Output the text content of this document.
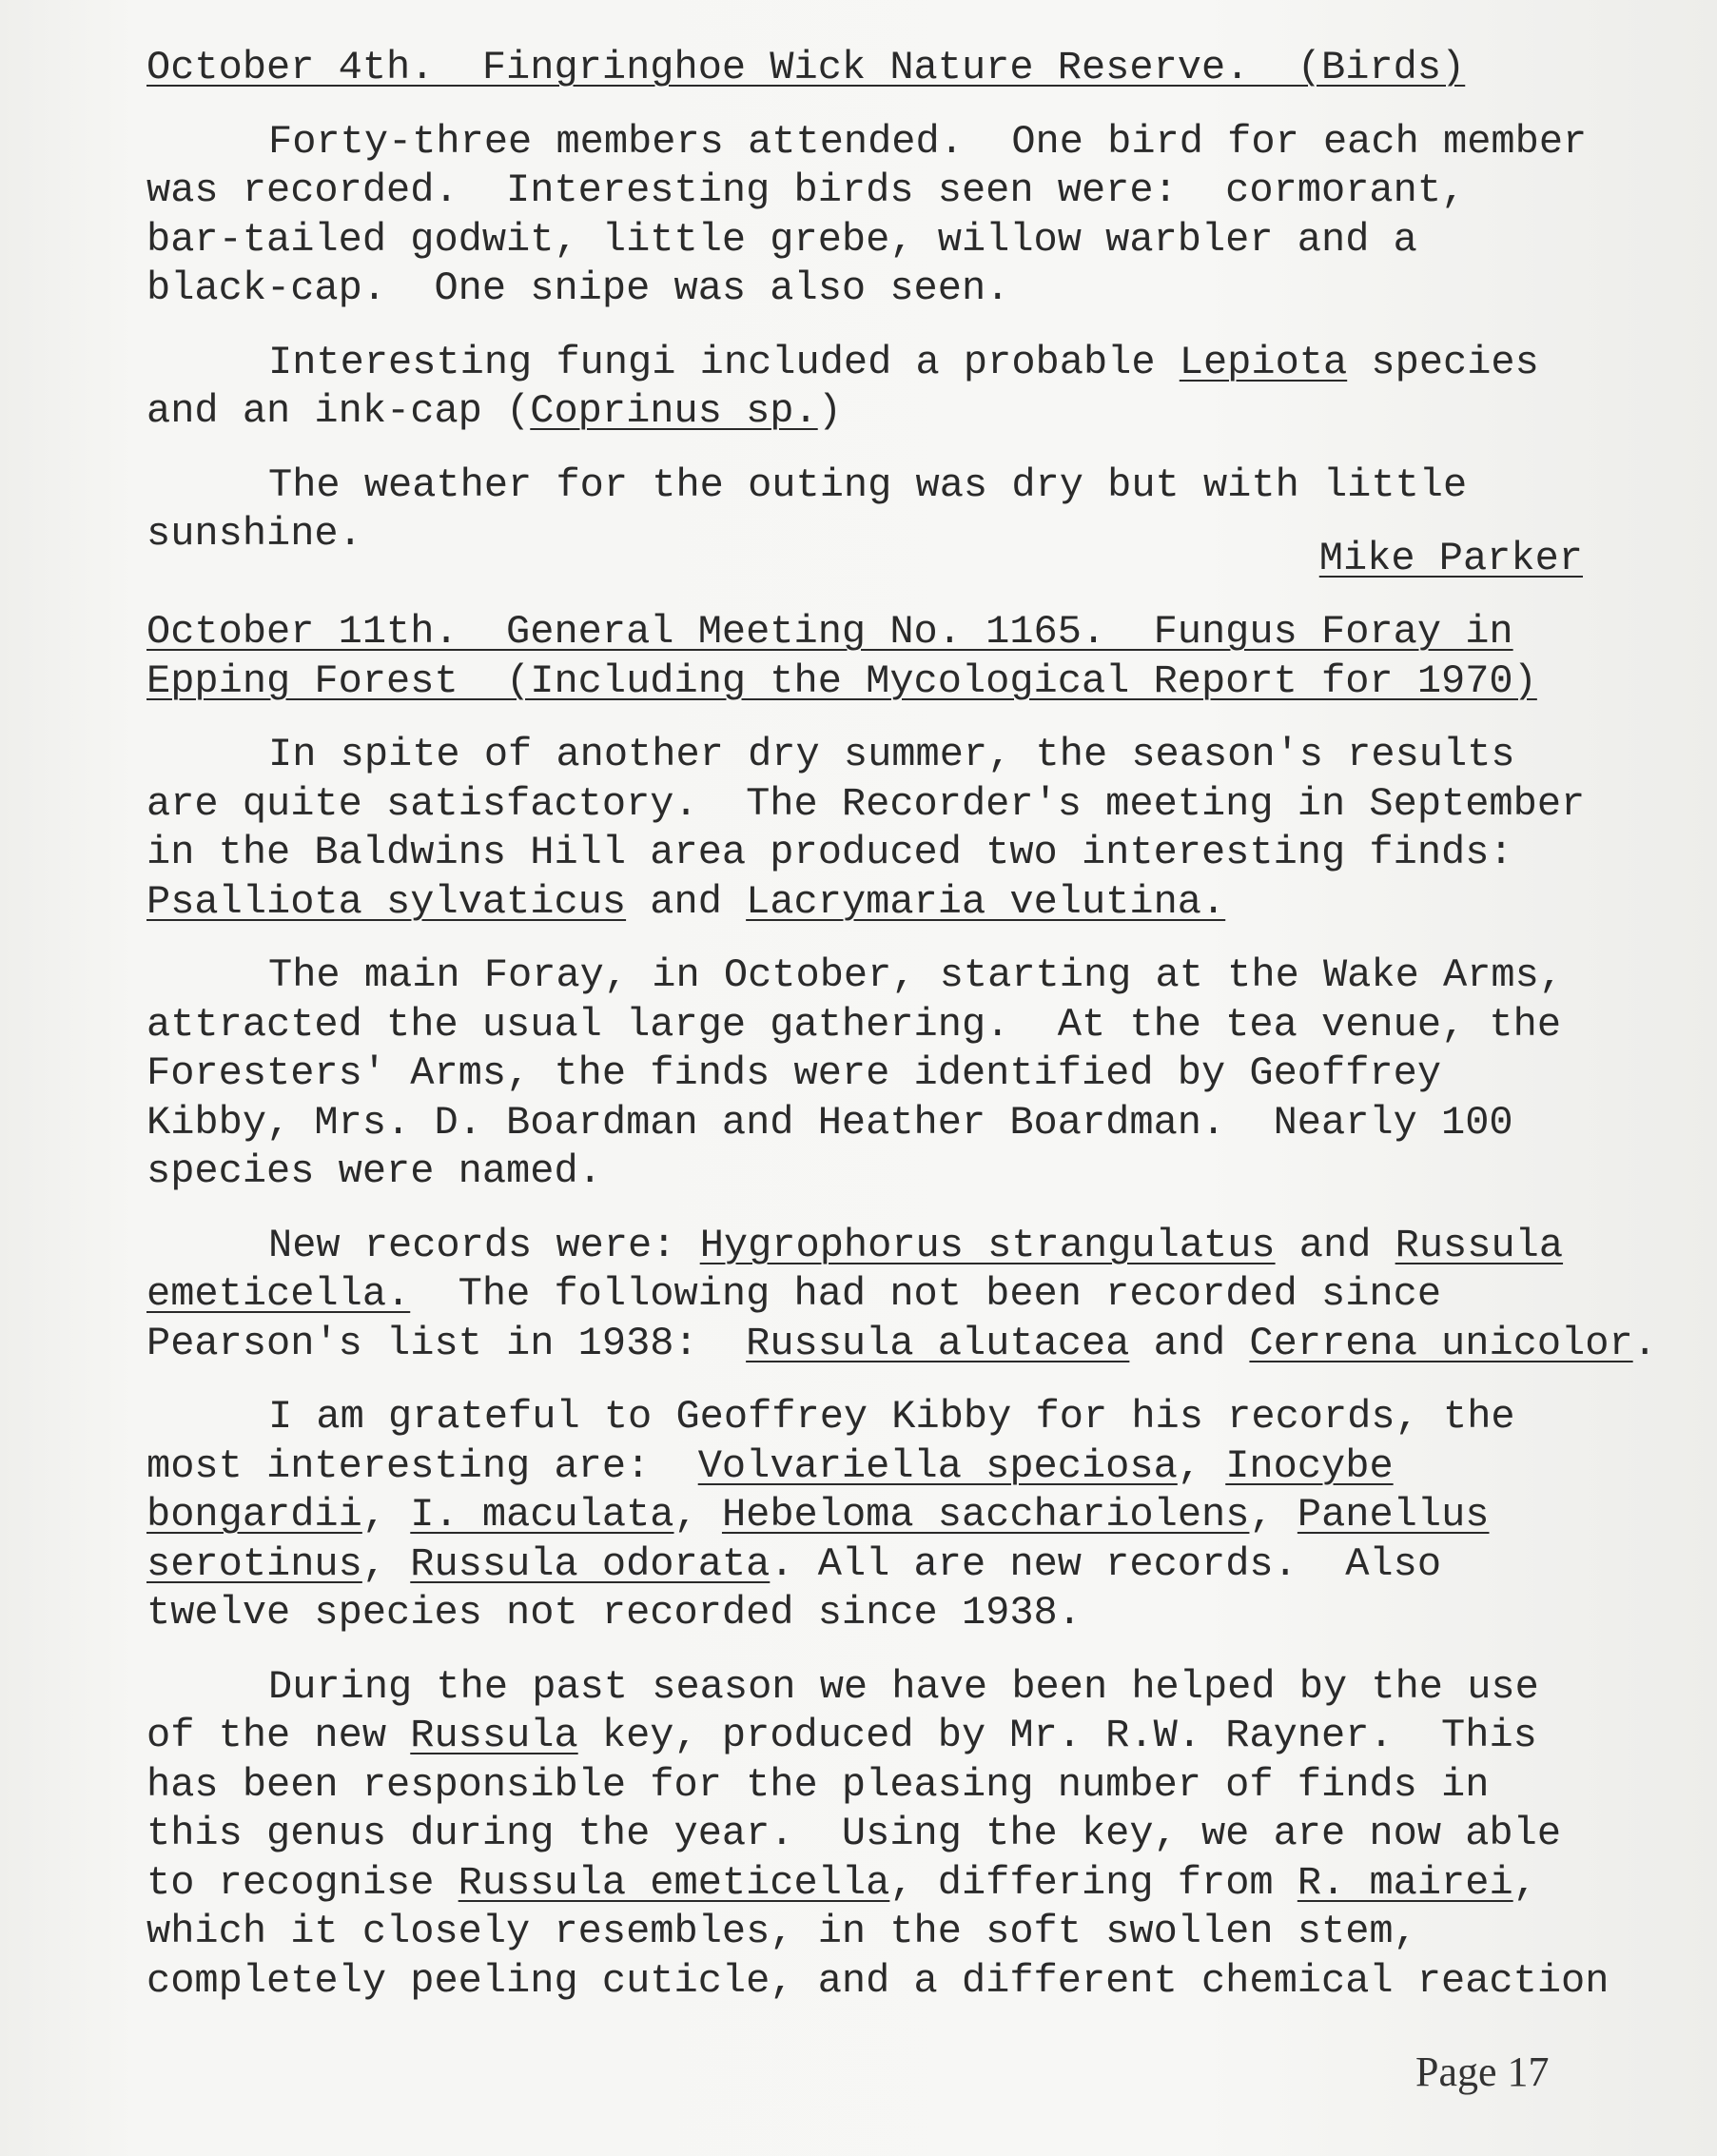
October 4th.  Fingringhoe Wick Nature Reserve.  (Birds)
Forty-three members attended.  One bird for each member
was recorded.  Interesting birds seen were:  cormorant,
bar-tailed godwit, little grebe, willow warbler and a
black-cap.  One snipe was also seen.
Interesting fungi included a probable Lepiota species
and an ink-cap (Coprinus sp.)
The weather for the outing was dry but with little
sunshine.
Mike Parker
October 11th.  General Meeting No. 1165.  Fungus Foray in
Epping Forest  (Including the Mycological Report for 1970)
In spite of another dry summer, the season's results
are quite satisfactory.  The Recorder's meeting in September
in the Baldwins Hill area produced two interesting finds:
Psalliota sylvaticus and Lacrymaria velutina.
The main Foray, in October, starting at the Wake Arms,
attracted the usual large gathering.  At the tea venue, the
Foresters' Arms, the finds were identified by Geoffrey
Kibby, Mrs. D. Boardman and Heather Boardman.  Nearly 100
species were named.
New records were: Hygrophorus strangulatus and Russula
emeticella.  The following had not been recorded since
Pearson's list in 1938:  Russula alutacea and Cerrena unicolor.
I am grateful to Geoffrey Kibby for his records, the
most interesting are:  Volvariella speciosa, Inocybe
bongardii, I. maculata, Hebeloma sacchariolens, Panellus
serotinus, Russula odorata. All are new records.  Also
twelve species not recorded since 1938.
During the past season we have been helped by the use
of the new Russula key, produced by Mr. R.W. Rayner.  This
has been responsible for the pleasing number of finds in
this genus during the year.  Using the key, we are now able
to recognise Russula emeticella, differing from R. mairei,
which it closely resembles, in the soft swollen stem,
completely peeling cuticle, and a different chemical reaction
Page 17
